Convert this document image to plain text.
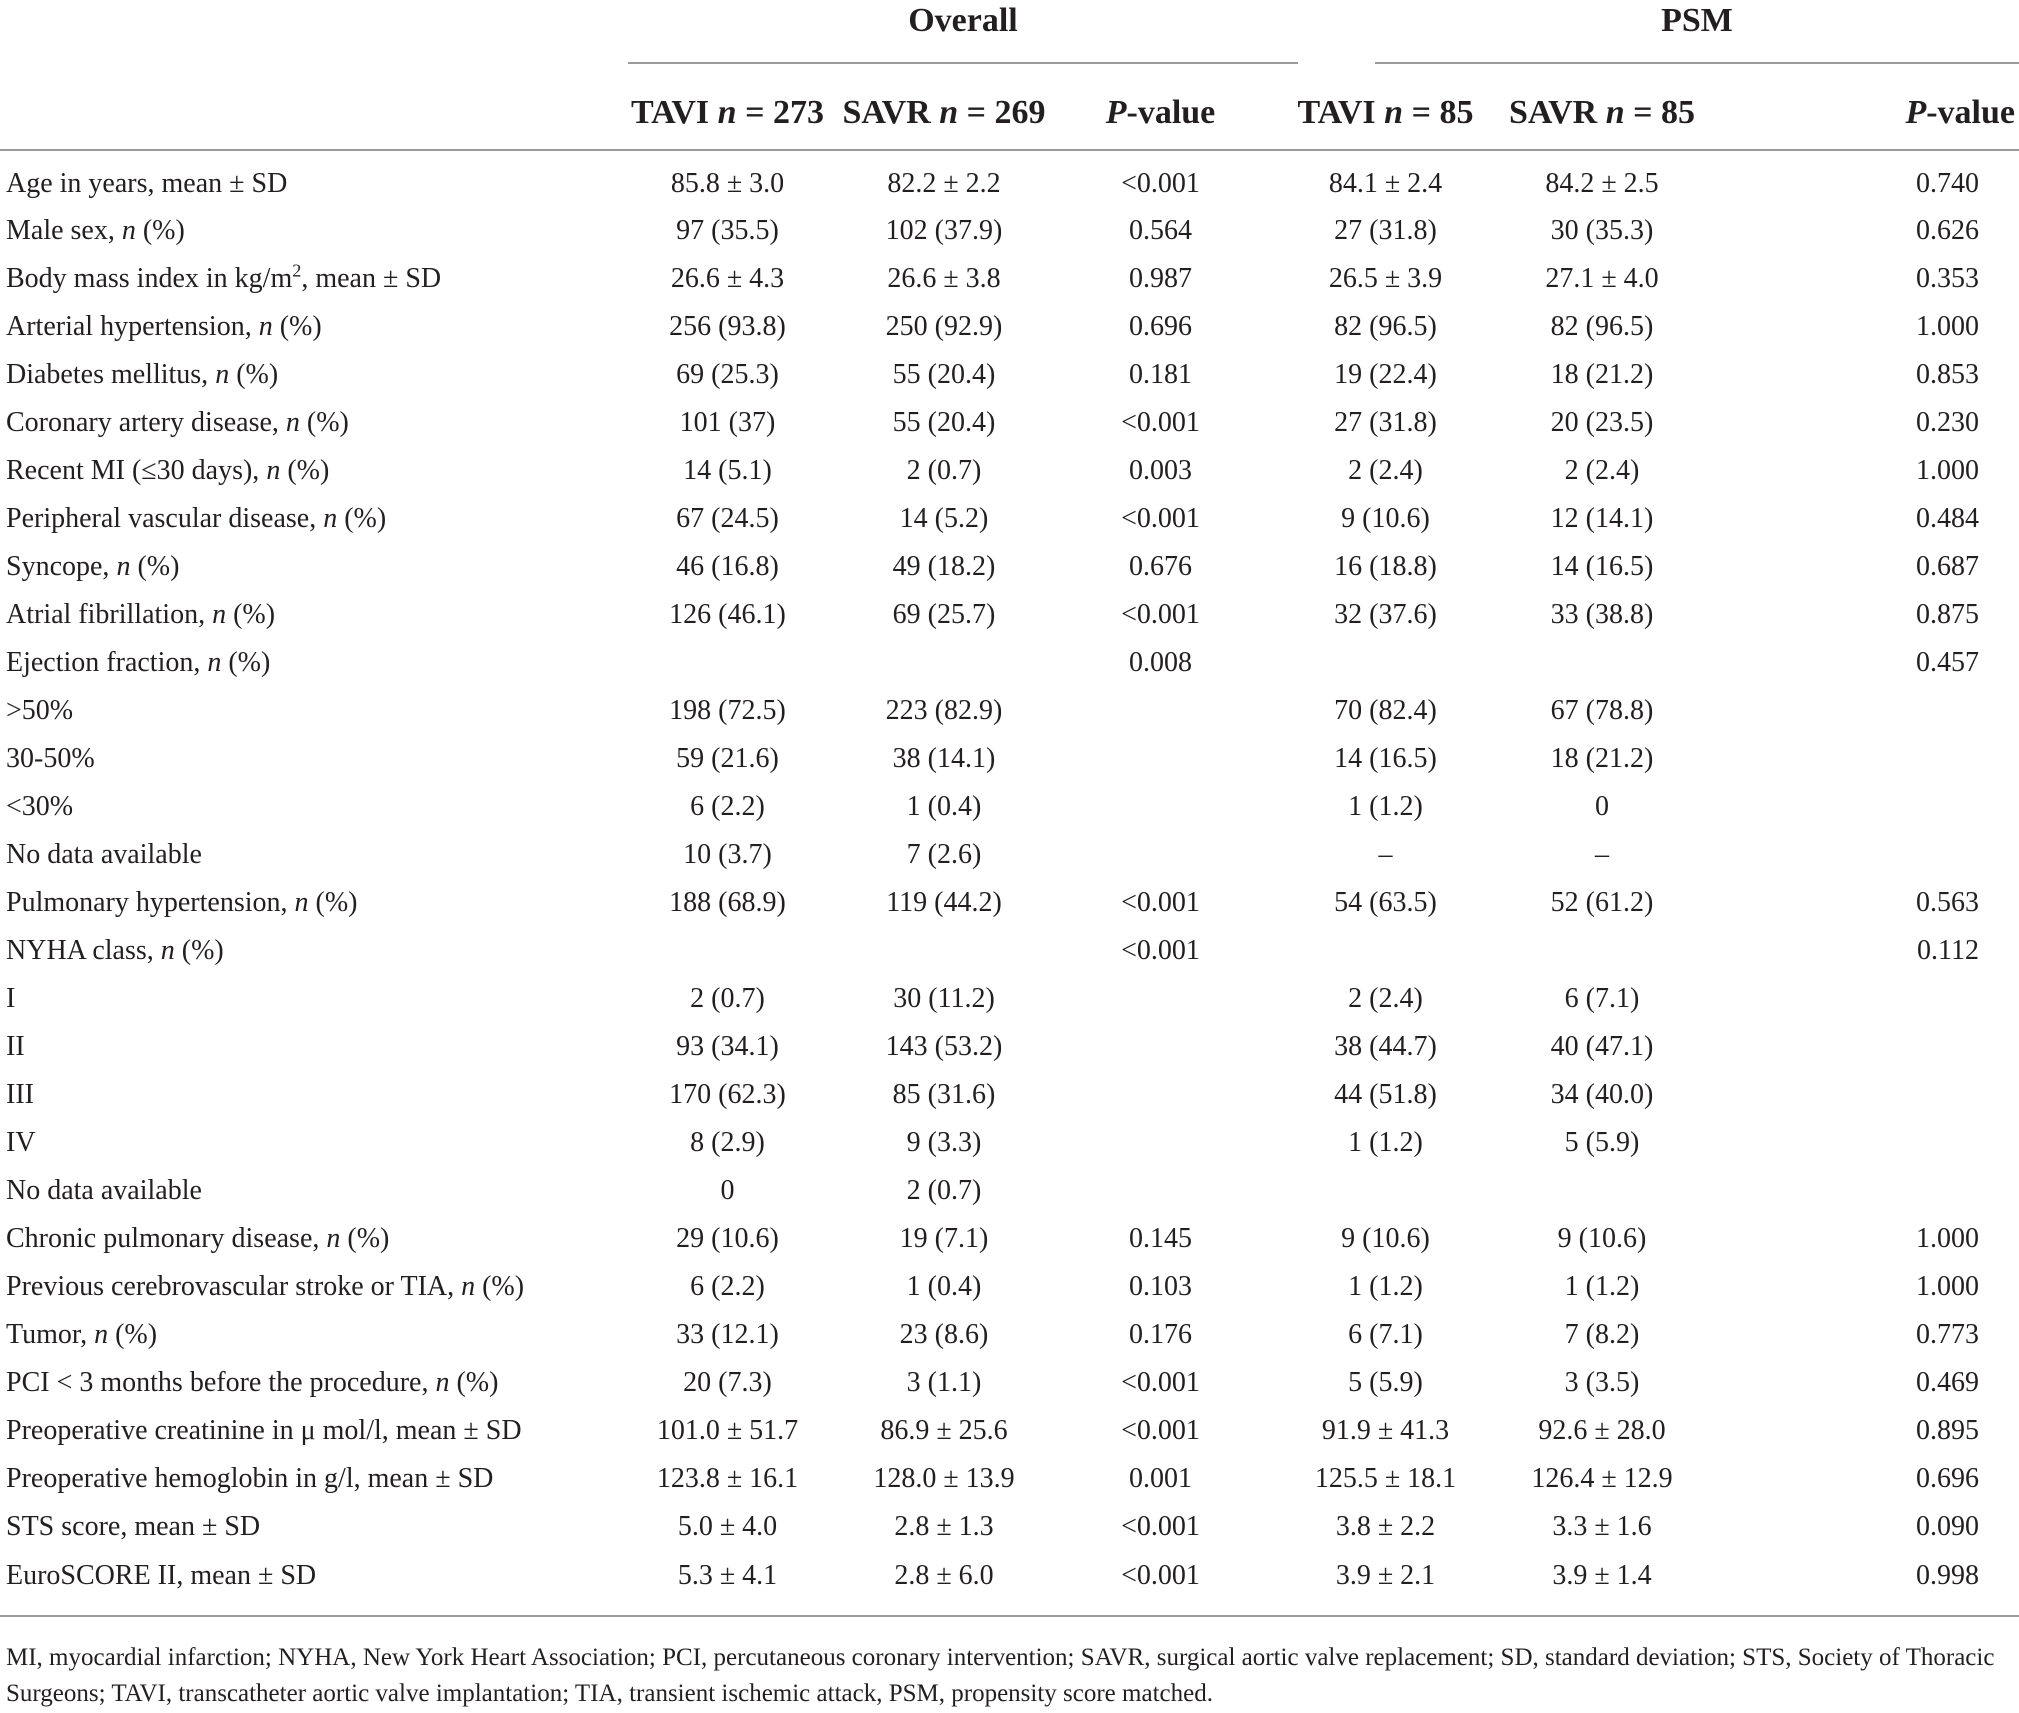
Overall	PSM
	TAVI n = 273	SAVR n = 269	P-value	TAVI n = 85	SAVR n = 85	P-value
Age in years, mean ± SD	85.8 ± 3.0	82.2 ± 2.2	<0.001	84.1 ± 2.4	84.2 ± 2.5	0.740
Male sex, n (%)	97 (35.5)	102 (37.9)	0.564	27 (31.8)	30 (35.3)	0.626
Body mass index in $kg/m^2$, mean ± SD	26.6 ± 4.3	26.6 ± 3.8	0.987	26.5 ± 3.9	27.1 ± 4.0	0.353
Arterial hypertension, n (%)	256 (93.8)	250 (92.9)	0.696	82 (96.5)	82 (96.5)	1.000
Diabetes mellitus, n (%)	69 (25.3)	55 (20.4)	0.181	19 (22.4)	18 (21.2)	0.853
Coronary artery disease, n (%)	101 (37)	55 (20.4)	<0.001	27 (31.8)	20 (23.5)	0.230
Recent MI (≤30 days), n (%)	14 (5.1)	2 (0.7)	0.003	2 (2.4)	2 (2.4)	1.000
Peripheral vascular disease, n (%)	67 (24.5)	14 (5.2)	<0.001	9 (10.6)	12 (14.1)	0.484
Syncope, n (%)	46 (16.8)	49 (18.2)	0.676	16 (18.8)	14 (16.5)	0.687
Atrial fibrillation, n (%)	126 (46.1)	69 (25.7)	<0.001	32 (37.6)	33 (38.8)	0.875
Ejection fraction, n (%)			0.008			0.457
>50%	198 (72.5)	223 (82.9)		70 (82.4)	67 (78.8)	
30-50%	59 (21.6)	38 (14.1)		14 (16.5)	18 (21.2)	
<30%	6 (2.2)	1 (0.4)		1 (1.2)	0	
No data available	10 (3.7)	7 (2.6)		–	–	
Pulmonary hypertension, n (%)	188 (68.9)	119 (44.2)	<0.001	54 (63.5)	52 (61.2)	0.563
NYHA class, n (%)			<0.001			0.112
I	2 (0.7)	30 (11.2)		2 (2.4)	6 (7.1)	
II	93 (34.1)	143 (53.2)		38 (44.7)	40 (47.1)	
III	170 (62.3)	85 (31.6)		44 (51.8)	34 (40.0)	
IV	8 (2.9)	9 (3.3)		1 (1.2)	5 (5.9)	
No data available	0	2 (0.7)				
Chronic pulmonary disease, n (%)	29 (10.6)	19 (7.1)	0.145	9 (10.6)	9 (10.6)	1.000
Previous cerebrovascular stroke or TIA, n (%)	6 (2.2)	1 (0.4)	0.103	1 (1.2)	1 (1.2)	1.000
Tumor, n (%)	33 (12.1)	23 (8.6)	0.176	6 (7.1)	7 (8.2)	0.773
PCI < 3 months before the procedure, n (%)	20 (7.3)	3 (1.1)	<0.001	5 (5.9)	3 (3.5)	0.469
Preoperative creatinine in μ mol/l, mean ± SD	101.0 ± 51.7	86.9 ± 25.6	<0.001	91.9 ± 41.3	92.6 ± 28.0	0.895
Preoperative hemoglobin in g/l, mean ± SD	123.8 ± 16.1	128.0 ± 13.9	0.001	125.5 ± 18.1	126.4 ± 12.9	0.696
STS score, mean ± SD	5.0 ± 4.0	2.8 ± 1.3	<0.001	3.8 ± 2.2	3.3 ± 1.6	0.090
EuroSCORE II, mean ± SD	5.3 ± 4.1	2.8 ± 6.0	<0.001	3.9 ± 2.1	3.9 ± 1.4	0.998
MI, myocardial infarction; NYHA, New York Heart Association; PCI, percutaneous coronary intervention; SAVR, surgical aortic valve replacement; SD, standard deviation; STS, Society of Thoracic Surgeons; TAVI, transcatheter aortic valve implantation; TIA, transient ischemic attack, PSM, propensity score matched.
